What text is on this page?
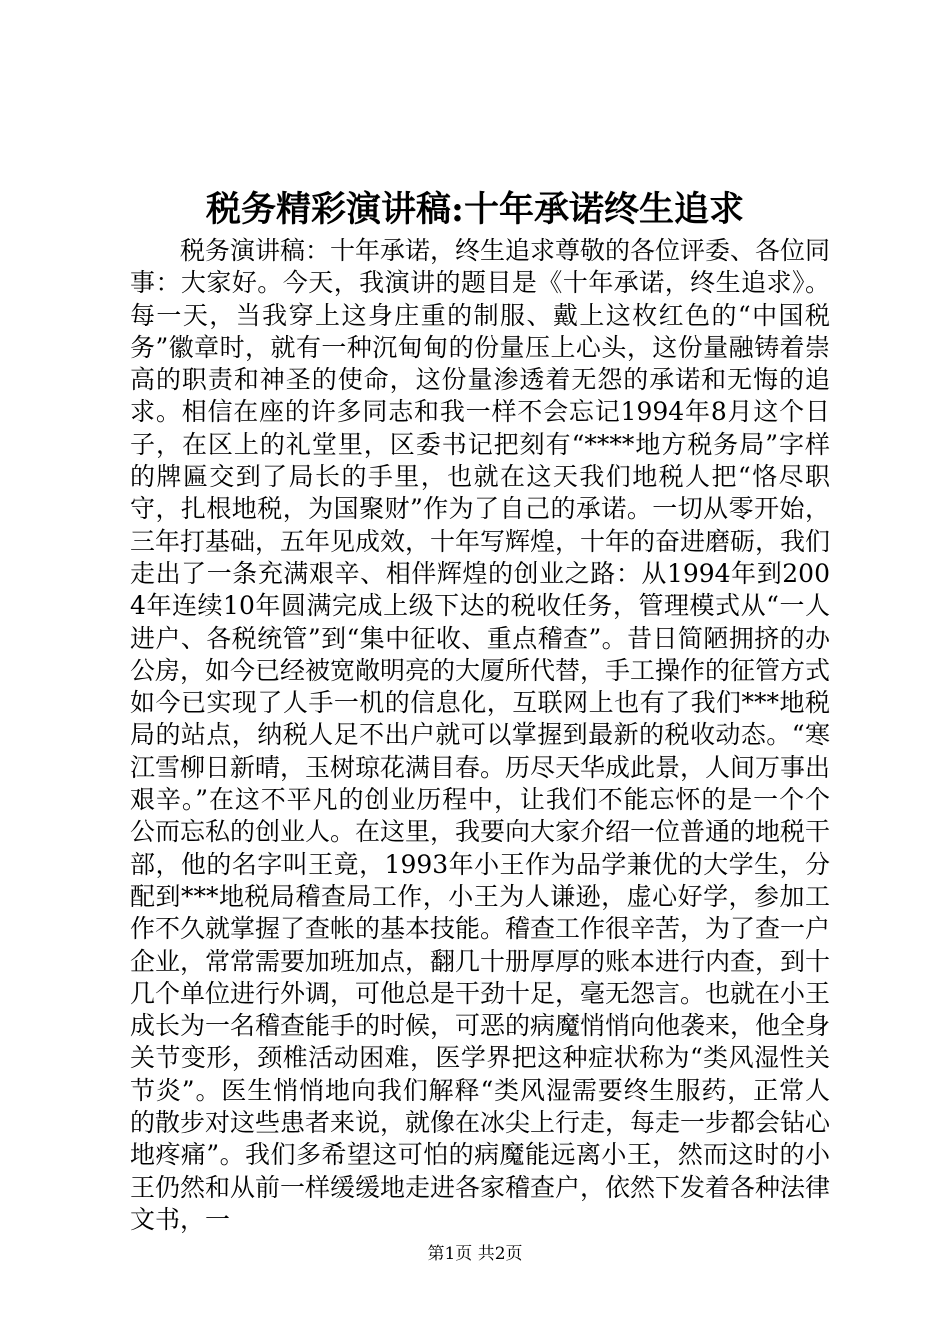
税务精彩演讲稿:十年承诺终生追求

税务演讲稿：十年承诺，终生追求尊敬的各位评委、各位同事：大家好。今天，我演讲的题目是《十年承诺，终生追求》。每一天，当我穿上这身庄重的制服、戴上这枚红色的“中国税务”徽章时，就有一种沉甸甸的份量压上心头，这份量融铸着崇高的职责和神圣的使命，这份量渗透着无怨的承诺和无悔的追求。相信在座的许多同志和我一样不会忘记1994年8月这个日子，在区上的礼堂里，区委书记把刻有“****地方税务局”字样的牌匾交到了局长的手里，也就在这天我们地税人把“恪尽职守，扎根地税，为国聚财”作为了自己的承诺。一切从零开始，三年打基础，五年见成效，十年写辉煌，十年的奋进磨砺，我们走出了一条充满艰辛、相伴辉煌的创业之路：从1994年到2004年连续10年圆满完成上级下达的税收任务，管理模式从“一人进户、各税统管”到“集中征收、重点稽查”。昔日简陋拥挤的办公房，如今已经被宽敞明亮的大厦所代替，手工操作的征管方式如今已实现了人手一机的信息化，互联网上也有了我们***地税局的站点，纳税人足不出户就可以掌握到最新的税收动态。“寒江雪柳日新晴，玉树琼花满目春。历尽天华成此景，人间万事出艰辛。”在这不平凡的创业历程中，让我们不能忘怀的是一个个公而忘私的创业人。在这里，我要向大家介绍一位普通的地税干部，他的名字叫王竟，1993年小王作为品学兼优的大学生，分配到***地税局稽查局工作，小王为人谦逊，虚心好学，参加工作不久就掌握了查帐的基本技能。稽查工作很辛苦，为了查一户企业，常常需要加班加点，翻几十册厚厚的账本进行内查，到十几个单位进行外调，可他总是干劲十足，毫无怨言。也就在小王成长为一名稽查能手的时候，可恶的病魔悄悄向他袭来，他全身关节变形，颈椎活动困难，医学界把这种症状称为“类风湿性关节炎”。医生悄悄地向我们解释“类风湿需要终生服药，正常人的散步对这些患者来说，就像在冰尖上行走，每走一步都会钻心地疼痛”。我们多希望这可怕的病魔能远离小王，然而这时的小王仍然和从前一样缓缓地走进各家稽查户，依然下发着各种法律文书，一

第1页 共2页
